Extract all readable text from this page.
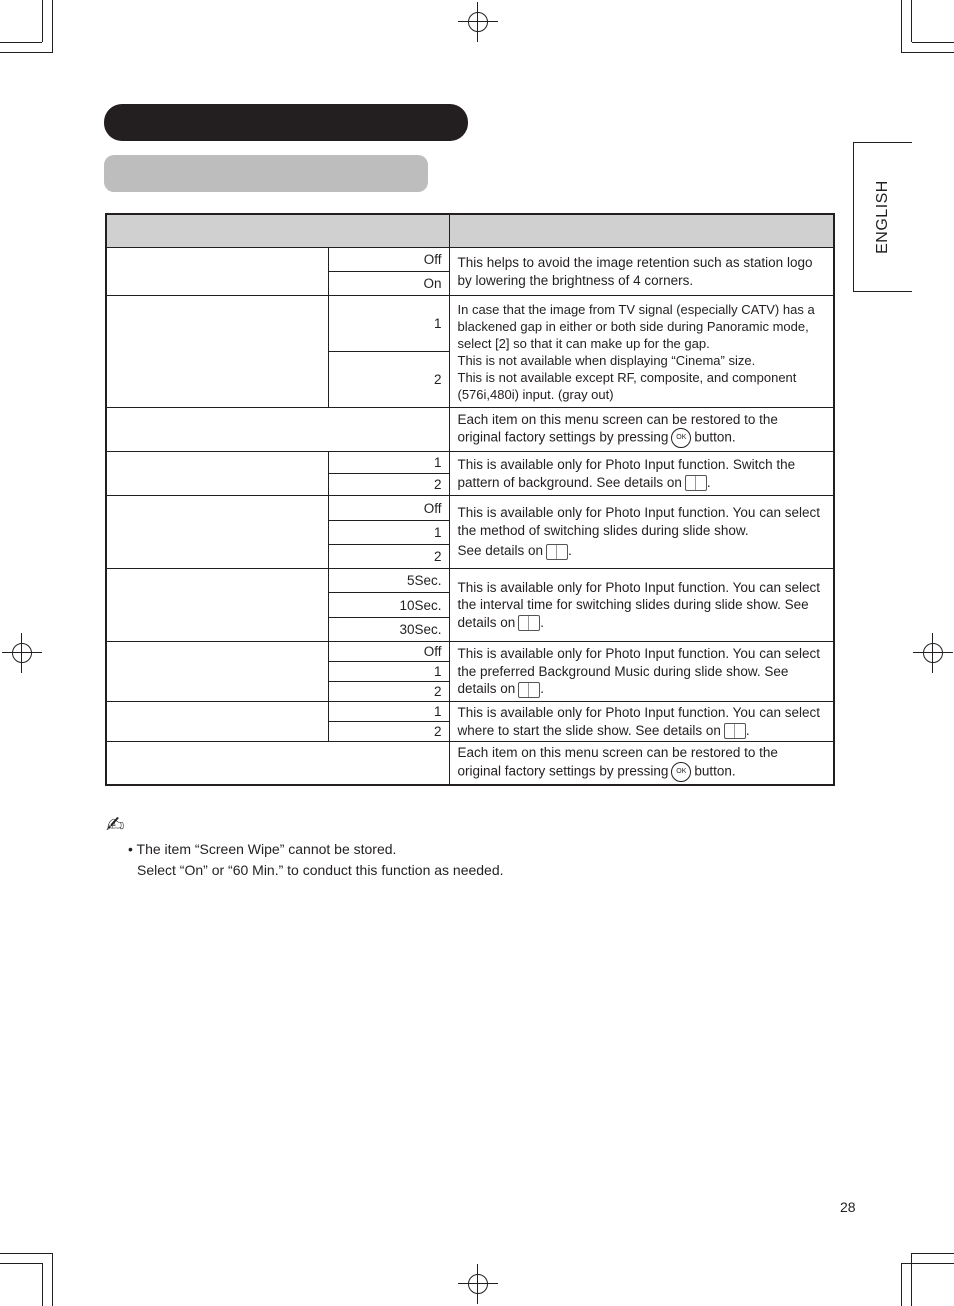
ENGLISH

	Off	This helps to avoid the image retention such as station logo by lowering the brightness of 4 corners.
	On	
	1	In case that the image from TV signal (especially CATV) has a blackened gap in either or both side during Panoramic mode, select [2] so that it can make up for the gap.
This is not available when displaying “Cinema” size.
This is not available except RF, composite, and component (576i,480i) input. (gray out)

	2	
		Each item on this menu screen can be restored to the original factory settings by pressing OK button.
	1	This is available only for Photo Input function. Switch the pattern of background. See details on .
	2	
	Off	This is available only for Photo Input function. You can select the method of switching slides during slide show.
See details on .

	1	
	2	
	5Sec.	This is available only for Photo Input function. You can select the interval time for switching slides during slide show. See details on .
	10Sec.	
	30Sec.	
	Off	This is available only for Photo Input function. You can select the preferred Background Music during slide show. See details on .
	1	
	2	
	1	This is available only for Photo Input function. You can select where to start the slide show. See details on .
	2	
		Each item on this menu screen can be restored to the original factory settings by pressing OK button.
✍
• The item “Screen Wipe” cannot be stored.
Select “On” or “60 Min.” to conduct this function as needed.
28
